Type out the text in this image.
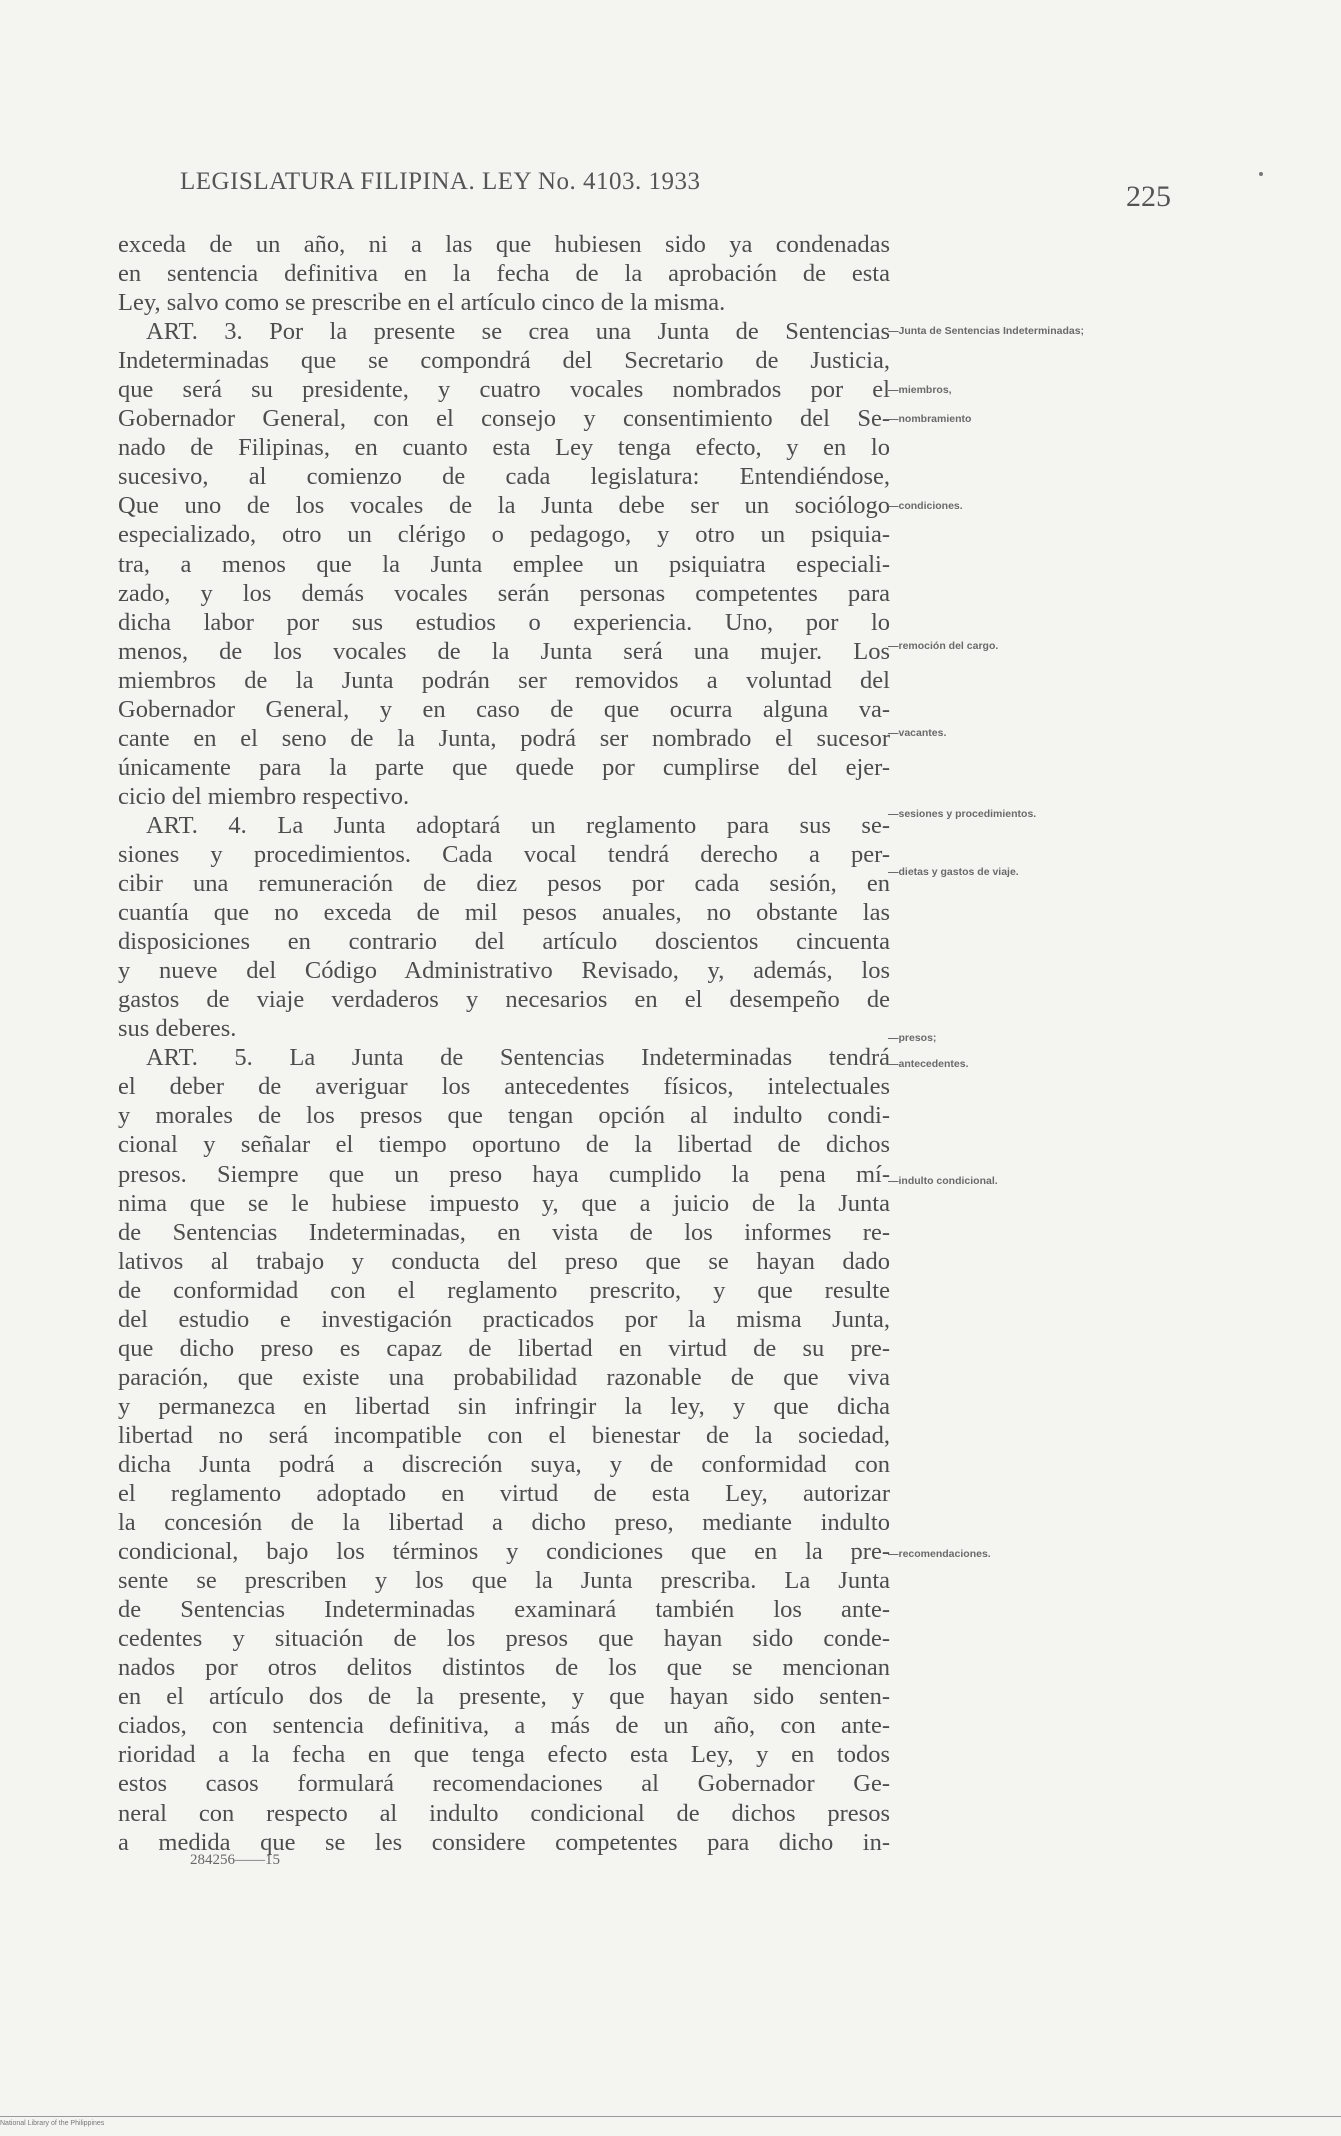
LEGISLATURA FILIPINA. LEY No. 4103. 1933	225
exceda de un año, ni a las que hubiesen sido ya condenadas
en sentencia definitiva en la fecha de la aprobación de esta
Ley, salvo como se prescribe en el artículo cinco de la misma.
ART. 3. Por la presente se crea una Junta de Sentencias
Indeterminadas que se compondrá del Secretario de Justicia,
que será su presidente, y cuatro vocales nombrados por el
Gobernador General, con el consejo y consentimiento del Se-
nado de Filipinas, en cuanto esta Ley tenga efecto, y en lo
sucesivo, al comienzo de cada legislatura: Entendiéndose,
Que uno de los vocales de la Junta debe ser un sociólogo
especializado, otro un clérigo o pedagogo, y otro un psiquia-
tra, a menos que la Junta emplee un psiquiatra especiali-
zado, y los demás vocales serán personas competentes para
dicha labor por sus estudios o experiencia. Uno, por lo
menos, de los vocales de la Junta será una mujer. Los
miembros de la Junta podrán ser removidos a voluntad del
Gobernador General, y en caso de que ocurra alguna va-
cante en el seno de la Junta, podrá ser nombrado el sucesor
únicamente para la parte que quede por cumplirse del ejer-
cicio del miembro respectivo.
ART. 4. La Junta adoptará un reglamento para sus se-
siones y procedimientos. Cada vocal tendrá derecho a per-
cibir una remuneración de diez pesos por cada sesión, en
cuantía que no exceda de mil pesos anuales, no obstante las
disposiciones en contrario del artículo doscientos cincuenta
y nueve del Código Administrativo Revisado, y, además, los
gastos de viaje verdaderos y necesarios en el desempeño de
sus deberes.
ART. 5. La Junta de Sentencias Indeterminadas tendrá
el deber de averiguar los antecedentes físicos, intelectuales
y morales de los presos que tengan opción al indulto condi-
cional y señalar el tiempo oportuno de la libertad de dichos
presos. Siempre que un preso haya cumplido la pena mí-
nima que se le hubiese impuesto y, que a juicio de la Junta
de Sentencias Indeterminadas, en vista de los informes re-
lativos al trabajo y conducta del preso que se hayan dado
de conformidad con el reglamento prescrito, y que resulte
del estudio e investigación practicados por la misma Junta,
que dicho preso es capaz de libertad en virtud de su pre-
paración, que existe una probabilidad razonable de que viva
y permanezca en libertad sin infringir la ley, y que dicha
libertad no será incompatible con el bienestar de la sociedad,
dicha Junta podrá a discreción suya, y de conformidad con
el reglamento adoptado en virtud de esta Ley, autorizar
la concesión de la libertad a dicho preso, mediante indulto
condicional, bajo los términos y condiciones que en la pre-
sente se prescriben y los que la Junta prescriba. La Junta
de Sentencias Indeterminadas examinará también los ante-
cedentes y situación de los presos que hayan sido conde-
nados por otros delitos distintos de los que se mencionan
en el artículo dos de la presente, y que hayan sido senten-
ciados, con sentencia definitiva, a más de un año, con ante-
rioridad a la fecha en que tenga efecto esta Ley, y en todos
estos casos formulará recomendaciones al Gobernador Ge-
neral con respecto al indulto condicional de dichos presos
a medida que se les considere competentes para dicho in-
—Junta de Sentencias Indeterminadas;
—miembros,
—nombramiento
—condiciones.
—remoción del cargo.
—vacantes.
—sesiones y procedimientos.
—dietas y gastos de viaje.
—presos;
—antecedentes.
—indulto condicional.
—recomendaciones.
284256——15
National Library of the Philippines
